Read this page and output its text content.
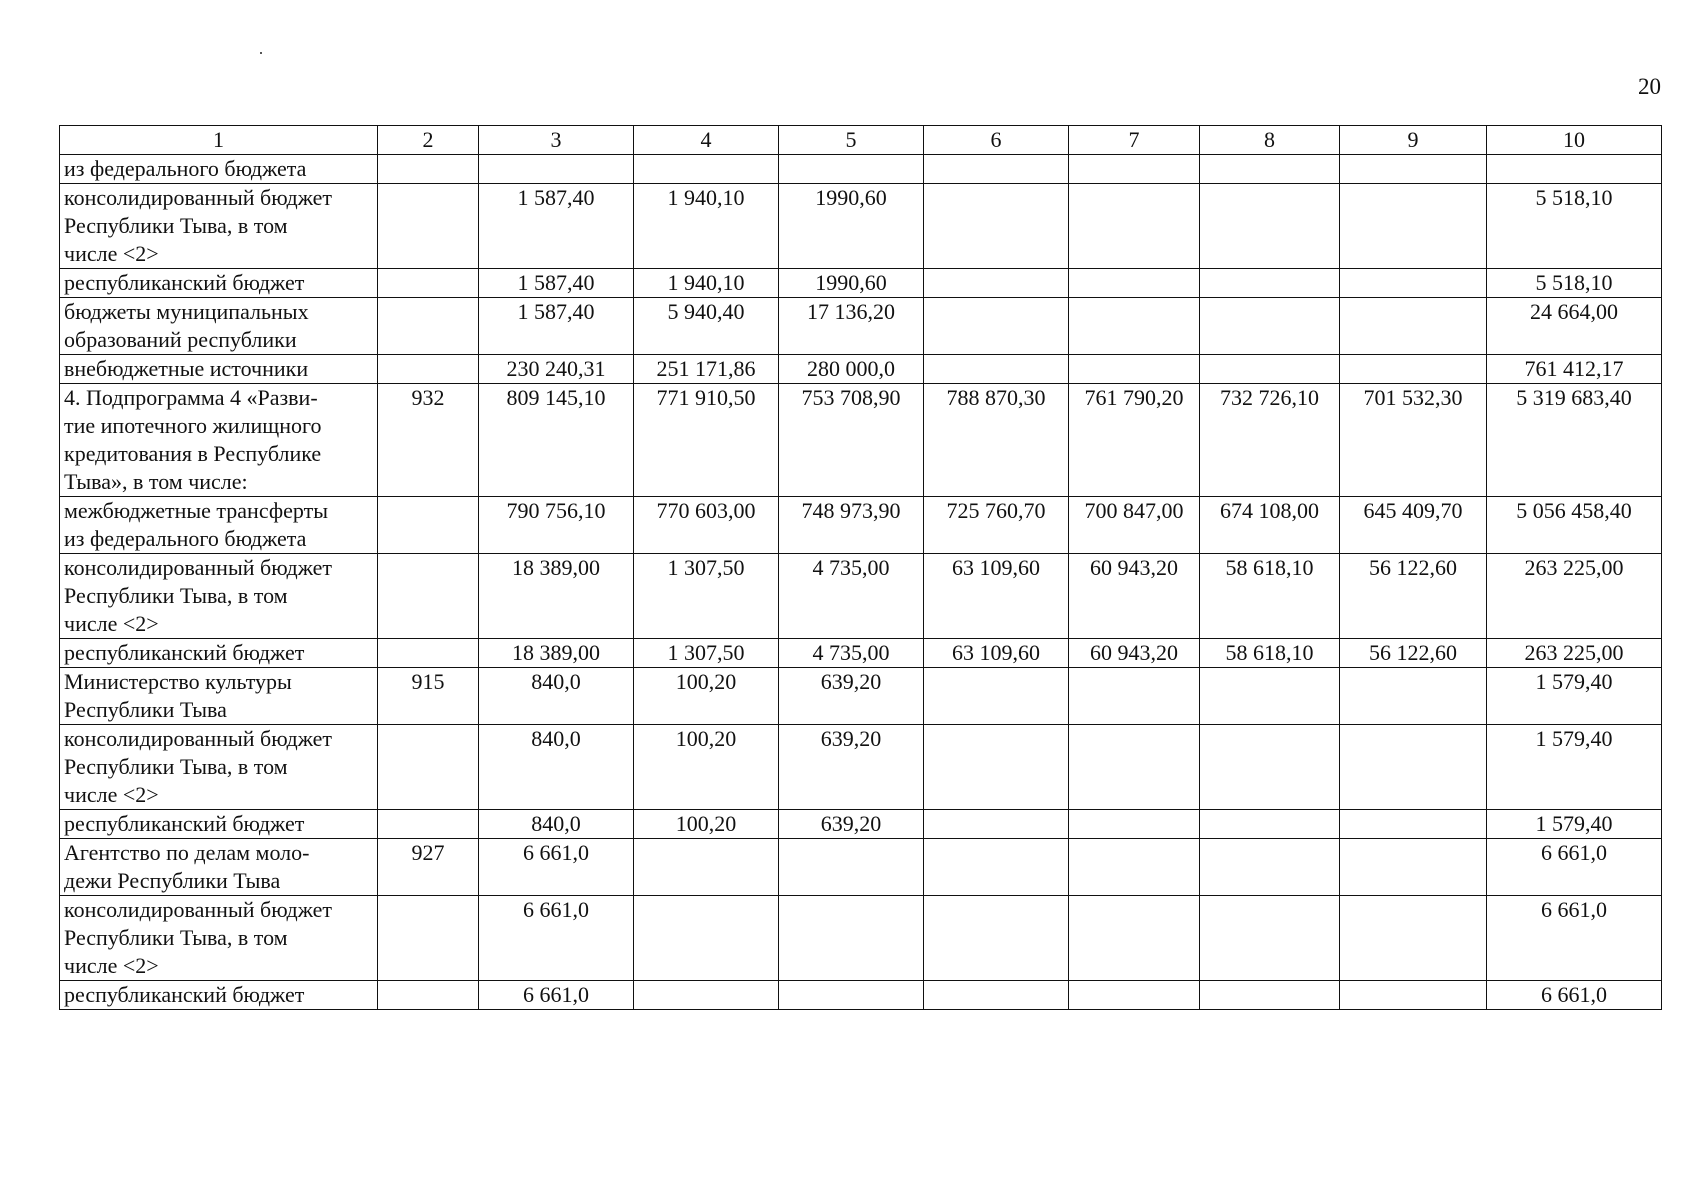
20
1	2	3	4	5	6	7	8	9	10
из федерального бюджета									
консолидированный бюджет
Республики Тыва, в том
числе <2>		1 587,40	1 940,10	1990,60					5 518,10
республиканский бюджет		1 587,40	1 940,10	1990,60					5 518,10
бюджеты муниципальных
образований республики		1 587,40	5 940,40	17 136,20					24 664,00
внебюджетные источники		230 240,31	251 171,86	280 000,0					761 412,17
4. Подпрограмма 4 «Разви-
тие ипотечного жилищного
кредитования в Республике
Тыва», в том числе:	932	809 145,10	771 910,50	753 708,90	788 870,30	761 790,20	732 726,10	701 532,30	5 319 683,40
межбюджетные трансферты
из федерального бюджета		790 756,10	770 603,00	748 973,90	725 760,70	700 847,00	674 108,00	645 409,70	5 056 458,40
консолидированный бюджет
Республики Тыва, в том
числе <2>		18 389,00	1 307,50	4 735,00	63 109,60	60 943,20	58 618,10	56 122,60	263 225,00
республиканский бюджет		18 389,00	1 307,50	4 735,00	63 109,60	60 943,20	58 618,10	56 122,60	263 225,00
Министерство культуры
Республики Тыва	915	840,0	100,20	639,20					1 579,40
консолидированный бюджет
Республики Тыва, в том
числе <2>		840,0	100,20	639,20					1 579,40
республиканский бюджет		840,0	100,20	639,20					1 579,40
Агентство по делам моло-
дежи Республики Тыва	927	6 661,0							6 661,0
консолидированный бюджет
Республики Тыва, в том
числе <2>		6 661,0							6 661,0
республиканский бюджет		6 661,0							6 661,0
